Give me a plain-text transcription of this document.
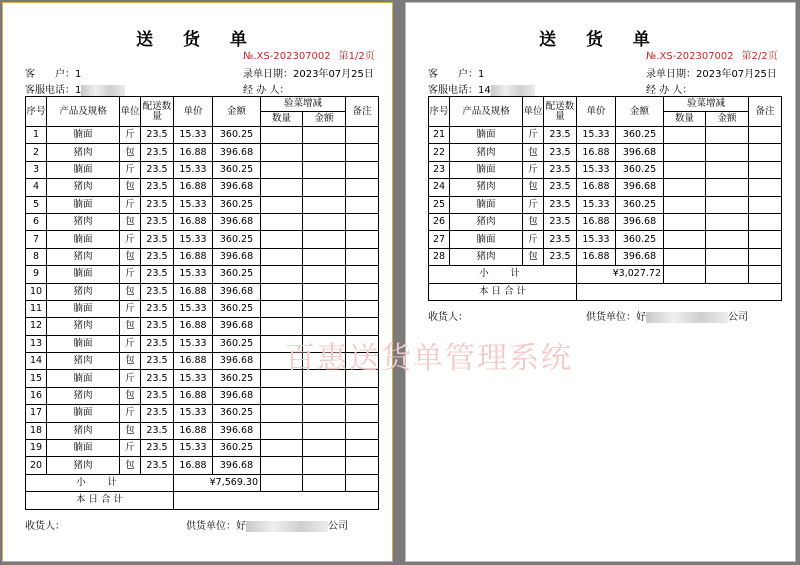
送 货 单
№.XS-202307002 第1/2页
客　　户：1	录单日期：2023年07月25日
客服电话：1	经 办 人：
序号	产品及规格	单位	配送数量	单价	金额	验菜增减		备注
						数量	金额	
1	腩面	斤	23.5	15.33	360.25			
2	猪肉	包	23.5	16.88	396.68			
3	腩面	斤	23.5	15.33	360.25			
4	猪肉	包	23.5	16.88	396.68			
5	腩面	斤	23.5	15.33	360.25			
6	猪肉	包	23.5	16.88	396.68			
7	腩面	斤	23.5	15.33	360.25			
8	猪肉	包	23.5	16.88	396.68			
9	腩面	斤	23.5	15.33	360.25			
10	猪肉	包	23.5	16.88	396.68			
11	腩面	斤	23.5	15.33	360.25			
12	猪肉	包	23.5	16.88	396.68			
13	腩面	斤	23.5	15.33	360.25			
14	猪肉	包	23.5	16.88	396.68			
15	腩面	斤	23.5	15.33	360.25			
16	猪肉	包	23.5	16.88	396.68			
17	腩面	斤	23.5	15.33	360.25			
18	猪肉	包	23.5	16.88	396.68			
19	腩面	斤	23.5	15.33	360.25			
20	猪肉	包	23.5	16.88	396.68			
小　计				¥7,569.30				
本 日 合 计								
收货人：	供货单位：好	公司
送 货 单
№.XS-202307002 第2/2页
客　　户：1	录单日期：2023年07月25日
客服电话：14	经 办 人：
序号	产品及规格	单位	配送数量	单价	金额	验菜增减		备注
						数量	金额	
21	腩面	斤	23.5	15.33	360.25			
22	猪肉	包	23.5	16.88	396.68			
23	腩面	斤	23.5	15.33	360.25			
24	猪肉	包	23.5	16.88	396.68			
25	腩面	斤	23.5	15.33	360.25			
26	猪肉	包	23.5	16.88	396.68			
27	腩面	斤	23.5	15.33	360.25			
28	猪肉	包	23.5	16.88	396.68			
小　计				¥3,027.72				
本 日 合 计								
收货人：	供货单位：好	公司
百惠送货单管理系统
